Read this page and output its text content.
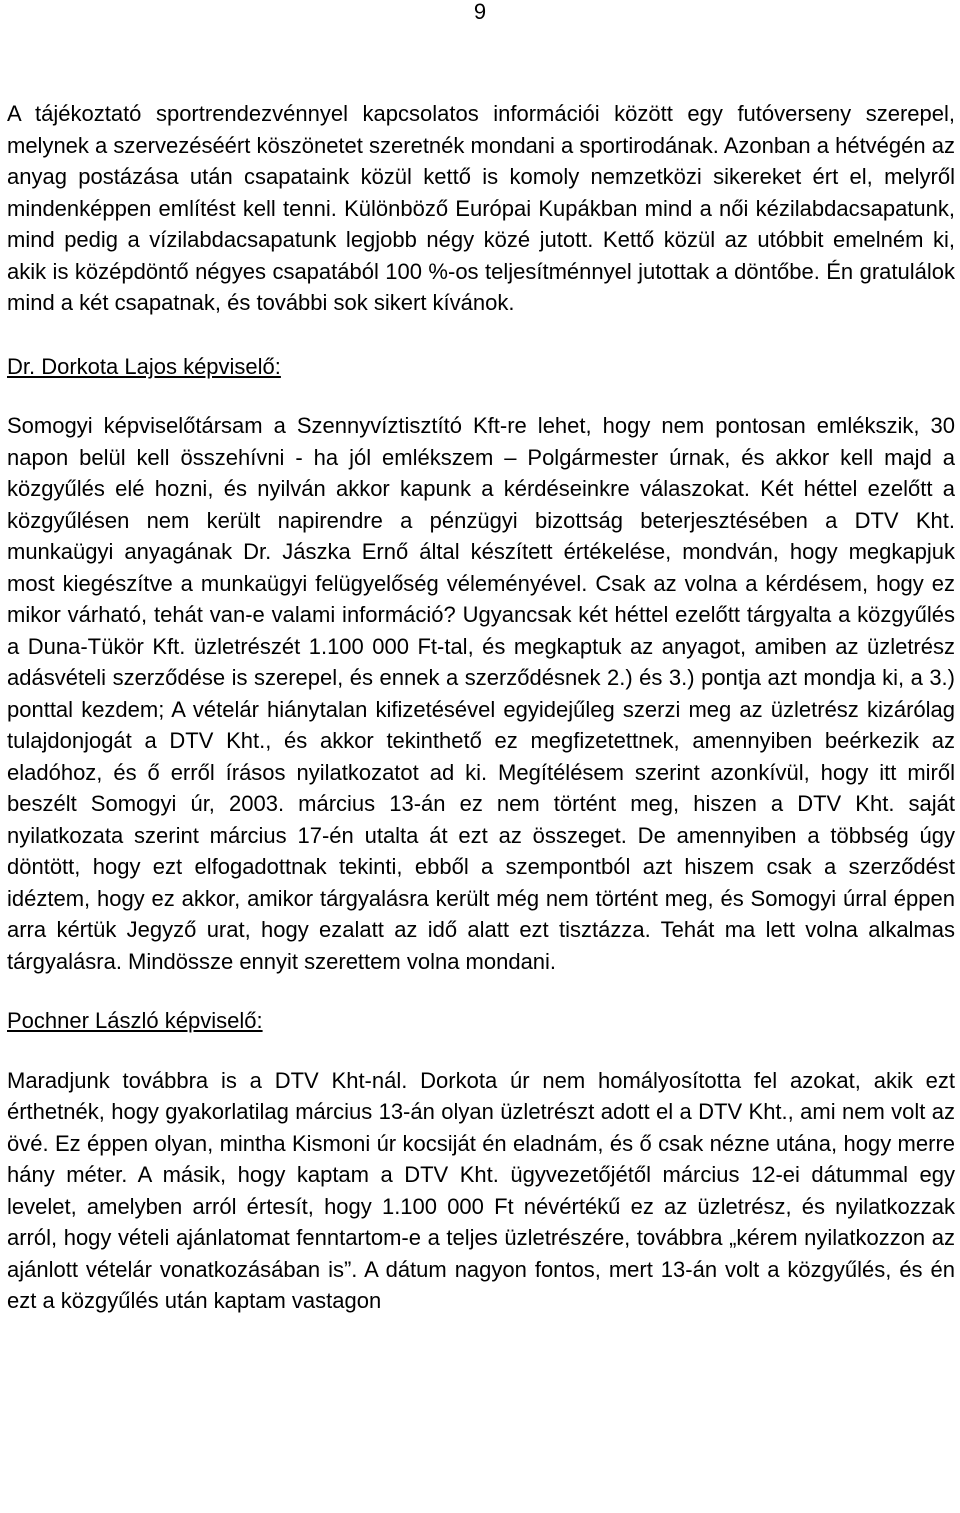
9

A tájékoztató sportrendezvénnyel kapcsolatos információi között egy futóverseny szerepel, melynek a szervezéséért köszönetet szeretnék mondani a sportirodának. Azonban a hétvégén az anyag postázása után csapataink közül kettő is komoly nemzetközi sikereket ért el, melyről mindenképpen említést kell tenni. Különböző Európai Kupákban mind a női kézilabdacsapatunk, mind pedig a vízilabdacsapatunk legjobb négy közé jutott. Kettő közül az utóbbit emelném ki, akik is középdöntő négyes csapatából 100 %-os teljesítménnyel jutottak a döntőbe. Én gratulálok mind a két csapatnak, és további sok sikert kívánok.

Dr. Dorkota Lajos képviselő:

Somogyi képviselőtársam a Szennyvíztisztító Kft-re lehet, hogy nem pontosan emlékszik, 30 napon belül kell összehívni - ha jól emlékszem – Polgármester úrnak, és akkor kell majd a közgyűlés elé hozni, és nyilván akkor kapunk a kérdéseinkre válaszokat. Két héttel ezelőtt a közgyűlésen nem került napirendre a pénzügyi bizottság beterjesztésében a DTV Kht. munkaügyi anyagának Dr. Jászka Ernő által készített értékelése, mondván, hogy megkapjuk most kiegészítve a munkaügyi felügyelőség véleményével. Csak az volna a kérdésem, hogy ez mikor várható, tehát van-e valami információ? Ugyancsak két héttel ezelőtt tárgyalta a közgyűlés a Duna-Tükör Kft. üzletrészét 1.100 000 Ft-tal, és megkaptuk az anyagot, amiben az üzletrész adásvételi szerződése is szerepel, és ennek a szerződésnek 2.) és 3.) pontja azt mondja ki, a 3.) ponttal kezdem; A vételár hiánytalan kifizetésével egyidejűleg szerzi meg az üzletrész kizárólag tulajdonjogát a DTV Kht., és akkor tekinthető ez megfizetettnek, amennyiben beérkezik az eladóhoz, és ő erről írásos nyilatkozatot ad ki. Megítélésem szerint azonkívül, hogy itt miről beszélt Somogyi úr, 2003. március 13-án ez nem történt meg, hiszen a DTV Kht. saját nyilatkozata szerint március 17-én utalta át ezt az összeget. De amennyiben a többség úgy döntött, hogy ezt elfogadottnak tekinti, ebből a szempontból azt hiszem csak a szerződést idéztem, hogy ez akkor, amikor tárgyalásra került még nem történt meg, és Somogyi úrral éppen arra kértük Jegyző urat, hogy ezalatt az idő alatt ezt tisztázza. Tehát ma lett volna alkalmas tárgyalásra. Mindössze ennyit szerettem volna mondani.

Pochner László képviselő:

Maradjunk továbbra is a DTV Kht-nál. Dorkota úr nem homályosította fel azokat, akik ezt érthetnék, hogy gyakorlatilag március 13-án olyan üzletrészt adott el a DTV Kht., ami nem volt az övé. Ez éppen olyan, mintha Kismoni úr kocsiját én eladnám, és ő csak nézne utána, hogy merre hány méter. A másik, hogy kaptam a DTV Kht. ügyvezetőjétől március 12-ei dátummal egy levelet, amelyben arról értesít, hogy 1.100 000 Ft névértékű ez az üzletrész, és nyilatkozzak arról, hogy vételi ajánlatomat fenntartom-e a teljes üzletrészére, továbbra „kérem nyilatkozzon az ajánlott vételár vonatkozásában is”. A dátum nagyon fontos, mert 13-án volt a közgyűlés, és én ezt a közgyűlés után kaptam vastagon
